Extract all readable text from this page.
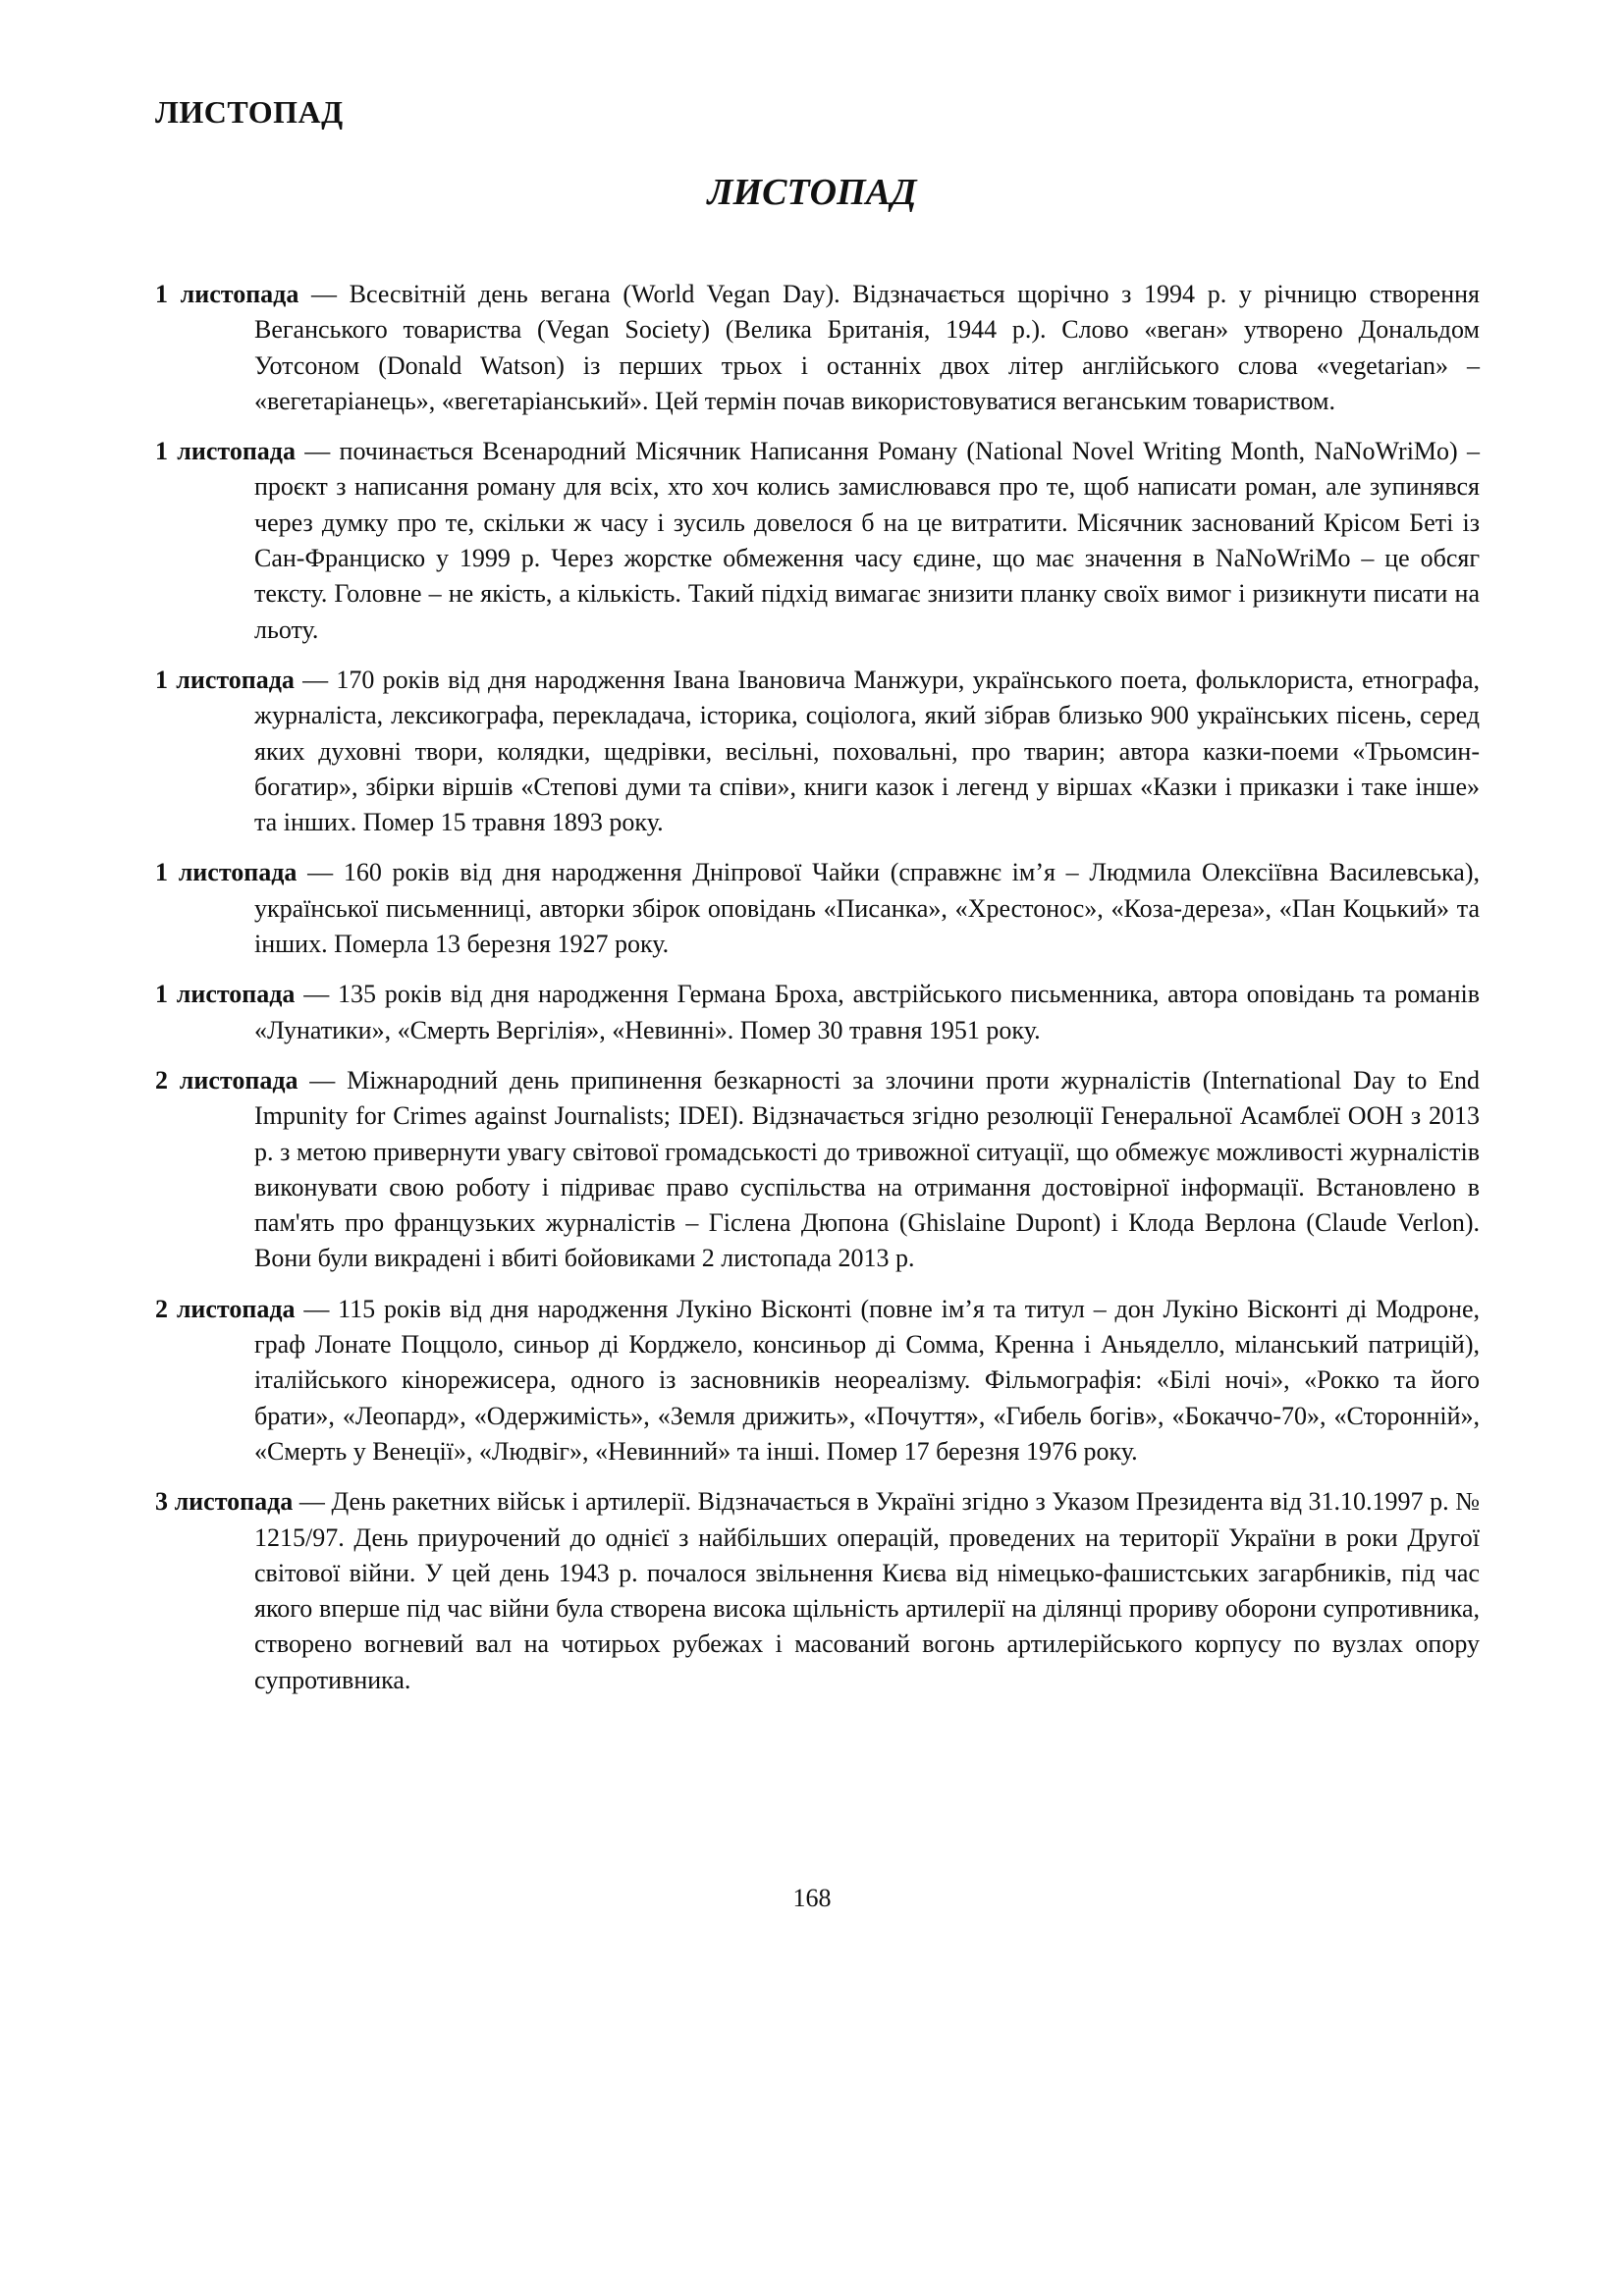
ЛИСТОПАД
ЛИСТОПАД

1 листопада — Всесвітній день вегана (World Vegan Day). Відзначається щорічно з 1994 р. у річницю створення Веганського товариства (Vegan Society) (Велика Британія, 1944 р.). Слово «веган» утворено Дональдом Уотсоном (Donald Watson) із перших трьох і останніх двох літер англійського слова «vegetarian» – «вегетаріанець», «вегетаріанський». Цей термін почав використовуватися веганським товариством.

1 листопада — починається Всенародний Місячник Написання Роману (National Novel Writing Month, NaNoWriMo) – проєкт з написання роману для всіх, хто хоч колись замислювався про те, щоб написати роман, але зупинявся через думку про те, скільки ж часу і зусиль довелося б на це витратити. Місячник заснований Крісом Беті із Сан-Франциско у 1999 р. Через жорстке обмеження часу єдине, що має значення в NaNoWriMo – це обсяг тексту. Головне – не якість, а кількість. Такий підхід вимагає знизити планку своїх вимог і ризикнути писати на льоту.

1 листопада — 170 років від дня народження Івана Івановича Манжури, українського поета, фольклориста, етнографа, журналіста, лексикографа, перекладача, історика, соціолога, який зібрав близько 900 українських пісень, серед яких духовні твори, колядки, щедрівки, весільні, поховальні, про тварин; автора казки-поеми «Трьомсин-богатир», збірки віршів «Степові думи та співи», книги казок і легенд у віршах «Казки і приказки і таке інше» та інших. Помер 15 травня 1893 року.

1 листопада — 160 років від дня народження Дніпрової Чайки (справжнє ім’я – Людмила Олексіївна Василевська), української письменниці, авторки збірок оповідань «Писанка», «Хрестонос», «Коза-дереза», «Пан Коцький» та інших. Померла 13 березня 1927 року.

1 листопада — 135 років від дня народження Германа Броха, австрійського письменника, автора оповідань та романів «Лунатики», «Смерть Вергілія», «Невинні». Помер 30 травня 1951 року.

2 листопада — Міжнародний день припинення безкарності за злочини проти журналістів (International Day to End Impunity for Crimes against Journalists; IDEI). Відзначається згідно резолюції Генеральної Асамблеї ООН з 2013 р. з метою привернути увагу світової громадськості до тривожної ситуації, що обмежує можливості журналістів виконувати свою роботу і підриває право суспільства на отримання достовірної інформації. Встановлено в пам'ять про французьких журналістів – Гіслена Дюпона (Ghislaine Dupont) і Клода Верлона (Claude Verlon). Вони були викрадені і вбиті бойовиками 2 листопада 2013 р.

2 листопада — 115 років від дня народження Лукіно Вісконті (повне ім’я та титул – дон Лукіно Вісконті ді Модроне, граф Лонате Поццоло, синьор ді Корджело, консиньор ді Сомма, Кренна і Аньяделло, міланський патрицій), італійського кінорежисера, одного із засновників неореалізму. Фільмографія: «Білі ночі», «Рокко та його брати», «Леопард», «Одержимість», «Земля дрижить», «Почуття», «Гибель богів», «Бокаччо-70», «Сторонній», «Смерть у Венеції», «Людвіг», «Невинний» та інші. Помер 17 березня 1976 року.

3 листопада — День ракетних військ і артилерії. Відзначається в Україні згідно з Указом Президента від 31.10.1997 р. № 1215/97. День приурочений до однієї з найбільших операцій, проведених на території України в роки Другої світової війни. У цей день 1943 р. почалося звільнення Києва від німецько-фашистських загарбників, під час якого вперше під час війни була створена висока щільність артилерії на ділянці прориву оборони супротивника, створено вогневий вал на чотирьох рубежах і масований вогонь артилерійського корпусу по вузлах опору супротивника.

168
